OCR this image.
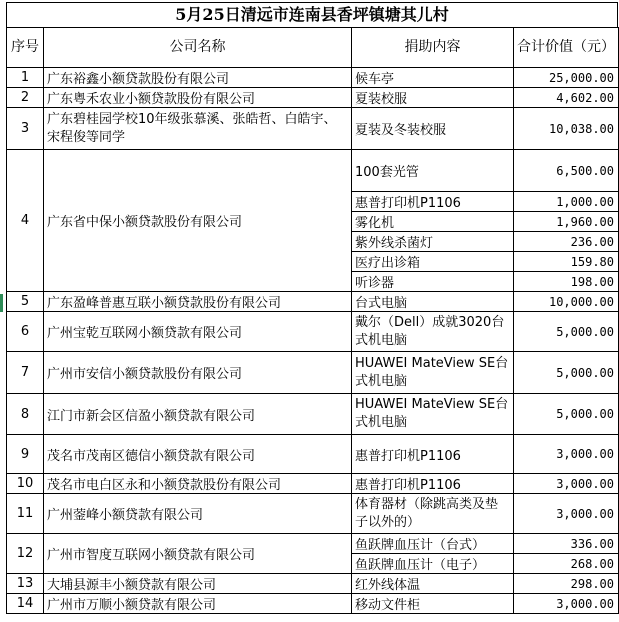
5月25日清远市连南县香坪镇塘其儿村
序号	公司名称	捐助内容	合计价值（元）
1	广东裕鑫小额贷款股份有限公司	候车亭	25,000.00
2	广东粤禾农业小额贷款股份有限公司	夏装校服	4,602.00
3	广东碧桂园学校10年级张慕溪、张皓哲、白皓宇、宋程俊等同学	夏装及冬装校服	10,038.00
4	广东省中保小额贷款股份有限公司	100套光管	6,500.00
		惠普打印机P1106	1,000.00
		雾化机	1,960.00
		紫外线杀菌灯	236.00
		医疗出诊箱	159.80
		听诊器	198.00
5	广东盈峰普惠互联小额贷款股份有限公司	台式电脑	10,000.00
6	广州宝乾互联网小额贷款有限公司	戴尔（Dell）成就3020台式机电脑	5,000.00
7	广州市安信小额贷款股份有限公司	HUAWEI MateView SE台式机电脑	5,000.00
8	江门市新会区信盈小额贷款有限公司	HUAWEI MateView SE台式机电脑	5,000.00
9	茂名市茂南区德信小额贷款有限公司	惠普打印机P1106	3,000.00
10	茂名市电白区永和小额贷款股份有限公司	惠普打印机P1106	3,000.00
11	广州蓥峰小额贷款有限公司	体育器材（除跳高类及垫子以外的）	3,000.00
12	广州市智度互联网小额贷款有限公司	鱼跃牌血压计（台式）	336.00
		鱼跃牌血压计（电子）	268.00
13	大埔县源丰小额贷款有限公司	红外线体温	298.00
14	广州市万顺小额贷款有限公司	移动文件柜	3,000.00
